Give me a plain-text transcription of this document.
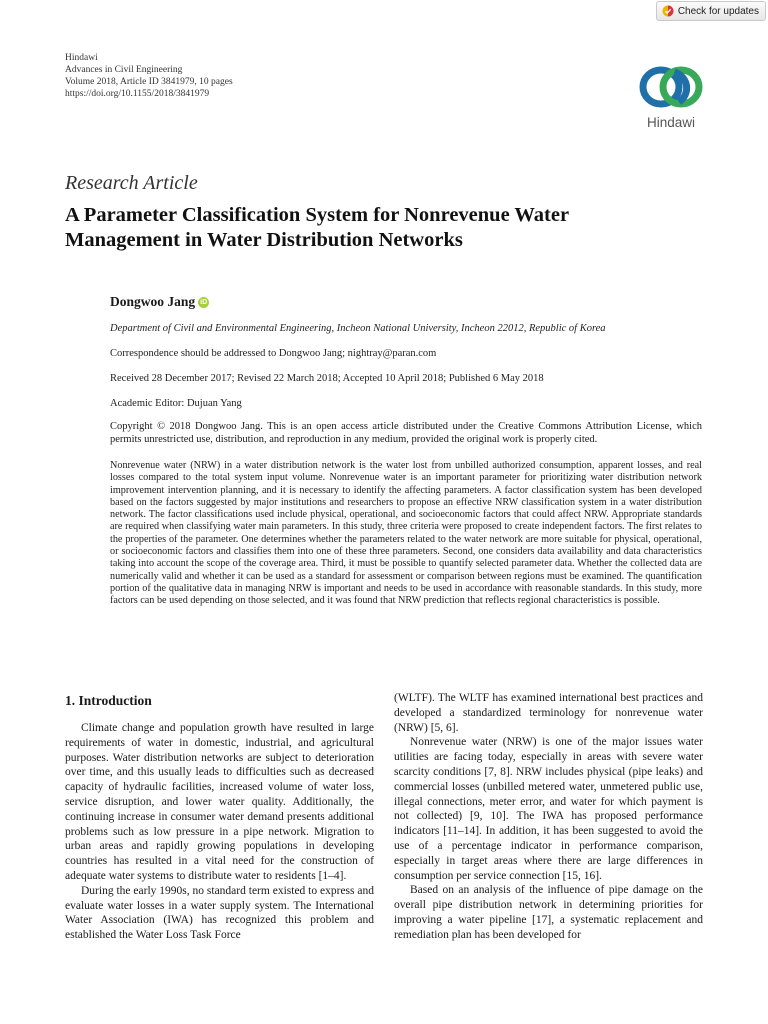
Check for updates
Hindawi
Advances in Civil Engineering
Volume 2018, Article ID 3841979, 10 pages
https://doi.org/10.1155/2018/3841979
Hindawi
Research Article
A Parameter Classification System for Nonrevenue Water Management in Water Distribution Networks
Dongwoo Jang iD
Department of Civil and Environmental Engineering, Incheon National University, Incheon 22012, Republic of Korea
Correspondence should be addressed to Dongwoo Jang; nightray@paran.com
Received 28 December 2017; Revised 22 March 2018; Accepted 10 April 2018; Published 6 May 2018
Academic Editor: Dujuan Yang
Copyright © 2018 Dongwoo Jang. This is an open access article distributed under the Creative Commons Attribution License, which permits unrestricted use, distribution, and reproduction in any medium, provided the original work is properly cited.

Nonrevenue water (NRW) in a water distribution network is the water lost from unbilled authorized consumption, apparent losses, and real losses compared to the total system input volume. Nonrevenue water is an important parameter for prioritizing water distribution network improvement intervention planning, and it is necessary to identify the affecting parameters. A factor classification system has been developed based on the factors suggested by major institutions and researchers to propose an effective NRW classification system in a water distribution network. The factor classifications used include physical, operational, and socioeconomic factors that could affect NRW. Appropriate standards are required when classifying water main parameters. In this study, three criteria were proposed to create independent factors. The first relates to the properties of the parameter. One determines whether the parameters related to the water network are more suitable for physical, operational, or socioeconomic factors and classifies them into one of these three parameters. Second, one considers data availability and data characteristics taking into account the scope of the coverage area. Third, it must be possible to quantify selected parameter data. Whether the collected data are numerically valid and whether it can be used as a standard for assessment or comparison between regions must be examined. The quantification portion of the qualitative data in managing NRW is important and needs to be used in accordance with reasonable standards. In this study, more factors can be used depending on those selected, and it was found that NRW prediction that reflects regional characteristics is possible.

1. Introduction

Climate change and population growth have resulted in large requirements of water in domestic, industrial, and agricultural purposes. Water distribution networks are subject to deterioration over time, and this usually leads to difficulties such as decreased capacity of hydraulic facilities, increased volume of water loss, service disruption, and lower water quality. Additionally, the continuing increase in consumer water demand presents additional problems such as low pressure in a pipe network. Migration to urban areas and rapidly growing populations in developing countries has resulted in a vital need for the construction of adequate water systems to distribute water to residents [1–4].

During the early 1990s, no standard term existed to express and evaluate water losses in a water supply system. The International Water Association (IWA) has recognized this problem and established the Water Loss Task Force

(WLTF). The WLTF has examined international best practices and developed a standardized terminology for nonrevenue water (NRW) [5, 6].

Nonrevenue water (NRW) is one of the major issues water utilities are facing today, especially in areas with severe water scarcity conditions [7, 8]. NRW includes physical (pipe leaks) and commercial losses (unbilled metered water, unmetered public use, illegal connections, meter error, and water for which payment is not collected) [9, 10]. The IWA has proposed performance indicators [11–14]. In addition, it has been suggested to avoid the use of a percentage indicator in performance comparison, especially in target areas where there are large differences in consumption per service connection [15, 16].

Based on an analysis of the influence of pipe damage on the overall pipe distribution network in determining priorities for improving a water pipeline [17], a systematic replacement and remediation plan has been developed for
